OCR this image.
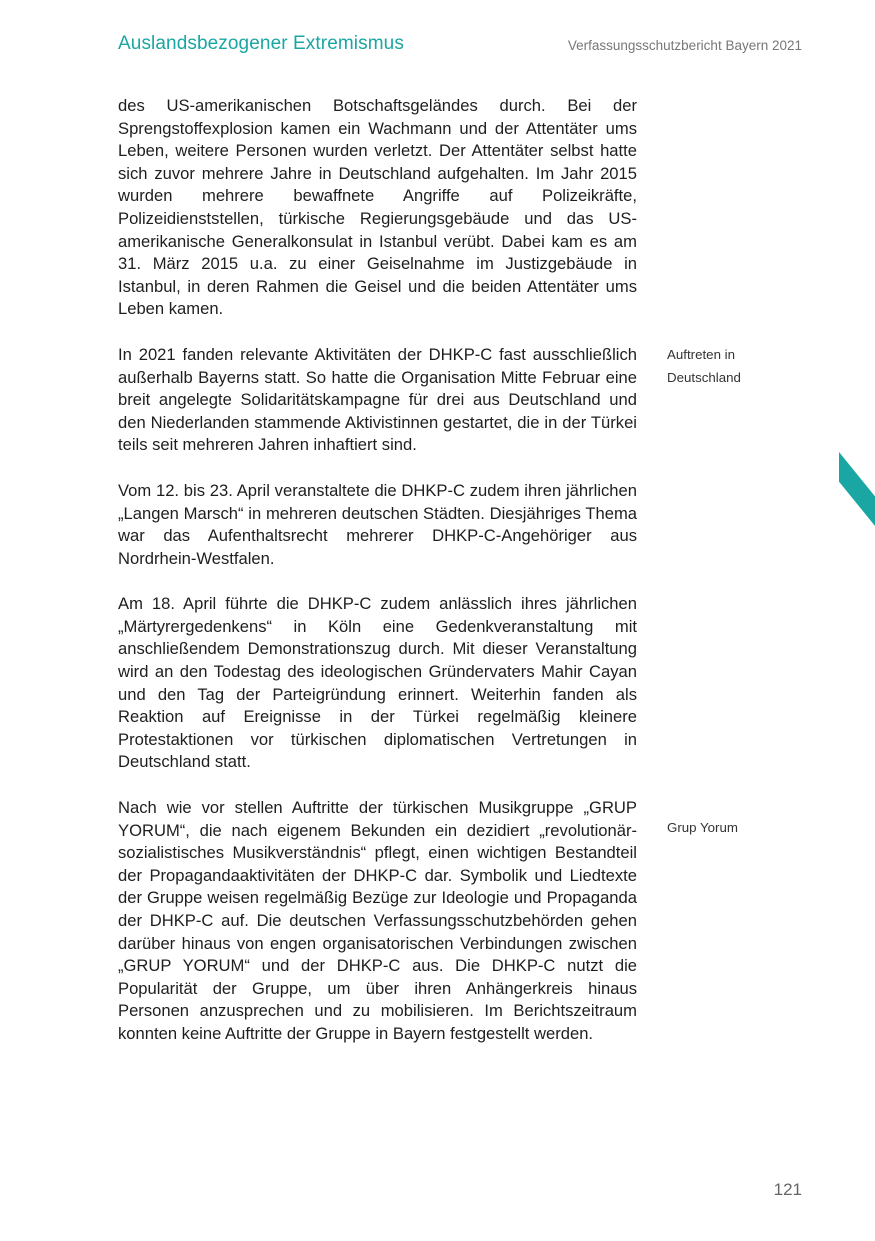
Auslandsbezogener Extremismus	Verfassungsschutzbericht Bayern 2021

des US-amerikanischen Botschaftsgeländes durch. Bei der Sprengstoffexplosion kamen ein Wachmann und der Attentäter ums Leben, weitere Personen wurden verletzt. Der Attentäter selbst hatte sich zuvor mehrere Jahre in Deutschland aufgehalten. Im Jahr 2015 wurden mehrere bewaffnete Angriffe auf Polizeikräfte, Polizeidienststellen, türkische Regierungsgebäude und das US-amerikanische Generalkonsulat in Istanbul verübt. Dabei kam es am 31. März 2015 u.a. zu einer Geiselnahme im Justizgebäude in Istanbul, in deren Rahmen die Geisel und die beiden Attentäter ums Leben kamen.

In 2021 fanden relevante Aktivitäten der DHKP-C fast ausschließlich außerhalb Bayerns statt. So hatte die Organisation Mitte Februar eine breit angelegte Solidaritätskampagne für drei aus Deutschland und den Niederlanden stammende Aktivistinnen gestartet, die in der Türkei teils seit mehreren Jahren inhaftiert sind.

Vom 12. bis 23. April veranstaltete die DHKP-C zudem ihren jährlichen „Langen Marsch“ in mehreren deutschen Städten. Diesjähriges Thema war das Aufenthaltsrecht mehrerer DHKP-C-Angehöriger aus Nordrhein-Westfalen.

Am 18. April führte die DHKP-C zudem anlässlich ihres jährlichen „Märtyrergedenkens“ in Köln eine Gedenkveranstaltung mit anschließendem Demonstrationszug durch. Mit dieser Veranstaltung wird an den Todestag des ideologischen Gründervaters Mahir Cayan und den Tag der Parteigründung erinnert. Weiterhin fanden als Reaktion auf Ereignisse in der Türkei regelmäßig kleinere Protestaktionen vor türkischen diplomatischen Vertretungen in Deutschland statt.

Nach wie vor stellen Auftritte der türkischen Musikgruppe „GRUP YORUM“, die nach eigenem Bekunden ein dezidiert „revolutionär-sozialistisches Musikverständnis“ pflegt, einen wichtigen Bestandteil der Propagandaaktivitäten der DHKP-C dar. Symbolik und Liedtexte der Gruppe weisen regelmäßig Bezüge zur Ideologie und Propaganda der DHKP-C auf. Die deutschen Verfassungsschutzbehörden gehen darüber hinaus von engen organisatorischen Verbindungen zwischen „GRUP YORUM“ und der DHKP-C aus. Die DHKP-C nutzt die Popularität der Gruppe, um über ihren Anhängerkreis hinaus Personen anzusprechen und zu mobilisieren. Im Berichtszeitraum konnten keine Auftritte der Gruppe in Bayern festgestellt werden.

Auftreten in
Deutschland
Grup Yorum
121
